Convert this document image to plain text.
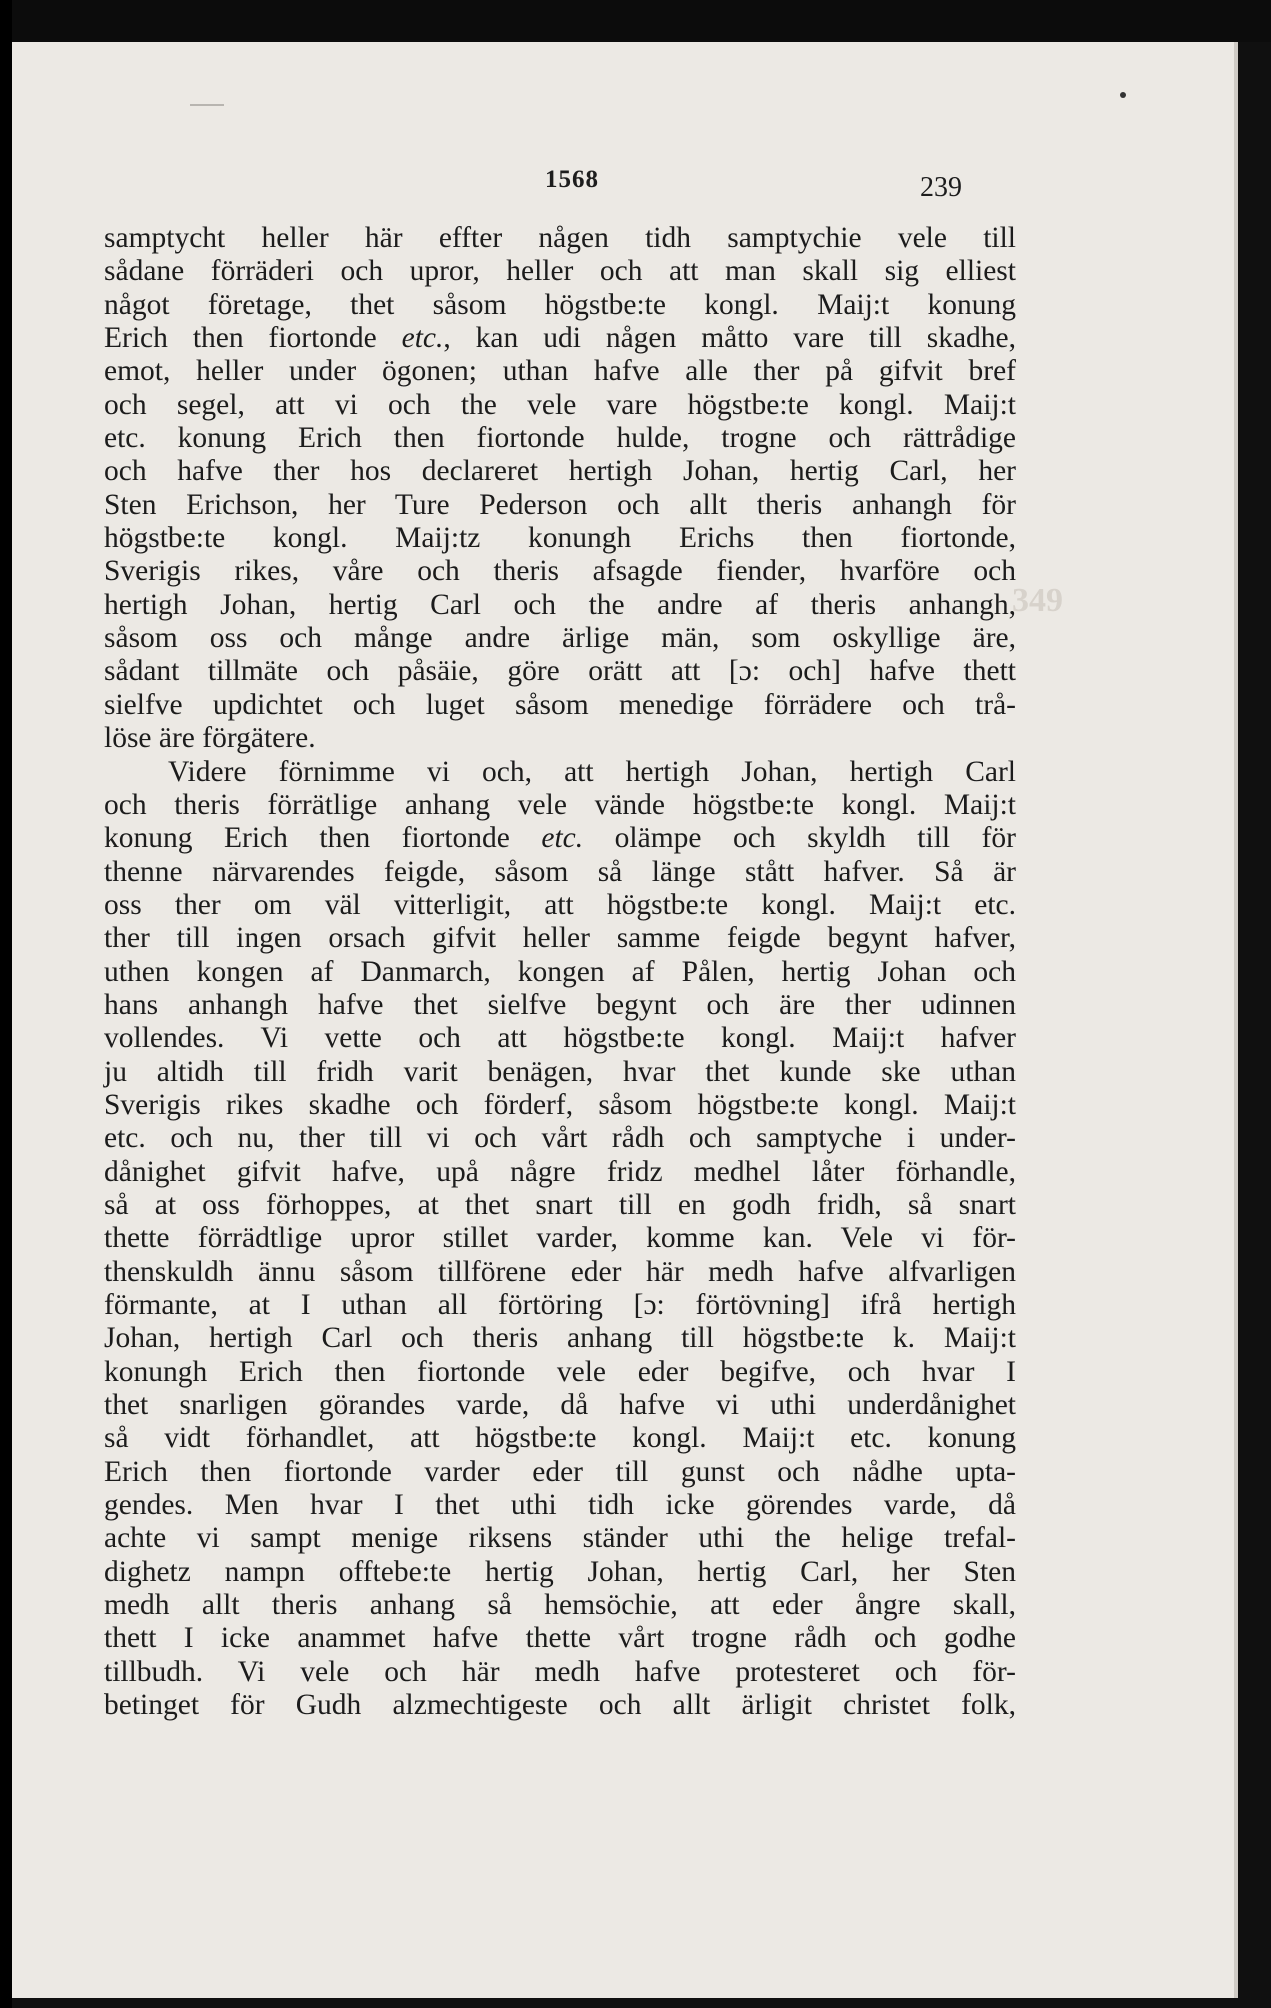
1568	239
349
samptycht heller här effter någen tidh samptychie vele till
sådane förräderi och upror, heller och att man skall sig elliest
något företage, thet såsom högstbe:te kongl. Maij:t konung
Erich then fiortonde etc., kan udi någen måtto vare till skadhe,
emot, heller under ögonen; uthan hafve alle ther på gifvit bref
och segel, att vi och the vele vare högstbe:te kongl. Maij:t
etc. konung Erich then fiortonde hulde, trogne och rättrådige
och hafve ther hos declareret hertigh Johan, hertig Carl, her
Sten Erichson, her Ture Pederson och allt theris anhangh för
högstbe:te kongl. Maij:tz konungh Erichs then fiortonde,
Sverigis rikes, våre och theris afsagde fiender, hvarföre och
hertigh Johan, hertig Carl och the andre af theris anhangh,
såsom oss och månge andre ärlige män, som oskyllige äre,
sådant tillmäte och påsäie, göre orätt att [ɔ: och] hafve thett
sielfve updichtet och luget såsom menedige förrädere och trå-
löse äre förgätere.
Videre förnimme vi och, att hertigh Johan, hertigh Carl
och theris förrätlige anhang vele vände högstbe:te kongl. Maij:t
konung Erich then fiortonde etc. olämpe och skyldh till för
thenne närvarendes feigde, såsom så länge stått hafver. Så är
oss ther om väl vitterligit, att högstbe:te kongl. Maij:t etc.
ther till ingen orsach gifvit heller samme feigde begynt hafver,
uthen kongen af Danmarch, kongen af Pålen, hertig Johan och
hans anhangh hafve thet sielfve begynt och äre ther udinnen
vollendes. Vi vette och att högstbe:te kongl. Maij:t hafver
ju altidh till fridh varit benägen, hvar thet kunde ske uthan
Sverigis rikes skadhe och förderf, såsom högstbe:te kongl. Maij:t
etc. och nu, ther till vi och vårt rådh och samptyche i under-
dånighet gifvit hafve, upå någre fridz medhel låter förhandle,
så at oss förhoppes, at thet snart till en godh fridh, så snart
thette förrädtlige upror stillet varder, komme kan. Vele vi för-
thenskuldh ännu såsom tillförene eder här medh hafve alfvarligen
förmante, at I uthan all förtöring [ɔ: förtövning] ifrå hertigh
Johan, hertigh Carl och theris anhang till högstbe:te k. Maij:t
konungh Erich then fiortonde vele eder begifve, och hvar I
thet snarligen görandes varde, då hafve vi uthi underdånighet
så vidt förhandlet, att högstbe:te kongl. Maij:t etc. konung
Erich then fiortonde varder eder till gunst och nådhe upta-
gendes. Men hvar I thet uthi tidh icke görendes varde, då
achte vi sampt menige riksens ständer uthi the helige trefal-
dighetz nampn offtebe:te hertig Johan, hertig Carl, her Sten
medh allt theris anhang så hemsöchie, att eder ångre skall,
thett I icke anammet hafve thette vårt trogne rådh och godhe
tillbudh. Vi vele och här medh hafve protesteret och för-
betinget för Gudh alzmechtigeste och allt ärligit christet folk,
